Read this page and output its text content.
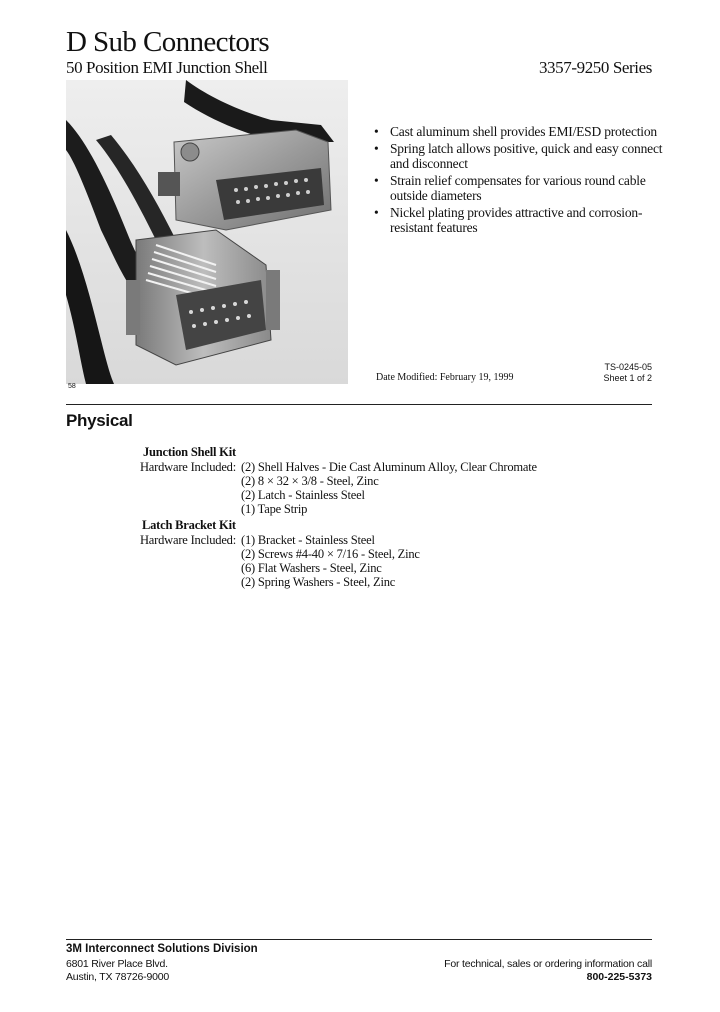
D Sub Connectors
50 Position EMI Junction Shell	3357-9250 Series
58
• Cast aluminum shell provides EMI/ESD protection
• Spring latch allows positive, quick and easy connect and disconnect
• Strain relief compensates for various round cable outside diameters
• Nickel plating provides attractive and corrosion-resistant features
TS-0245-05
Date Modified: February 19, 1999	Sheet 1 of 2
Physical
Junction Shell Kit
Hardware Included: (2) Shell Halves - Die Cast Aluminum Alloy, Clear Chromate
(2) 8 × 32 × 3/8 - Steel, Zinc
(2) Latch - Stainless Steel
(1) Tape Strip
Latch Bracket Kit
Hardware Included: (1) Bracket - Stainless Steel
(2) Screws #4-40 × 7/16 - Steel, Zinc
(6) Flat Washers - Steel, Zinc
(2) Spring Washers - Steel, Zinc
3M Interconnect Solutions Division
6801 River Place Blvd.
Austin, TX 78726-9000
For technical, sales or ordering information call
800-225-5373
